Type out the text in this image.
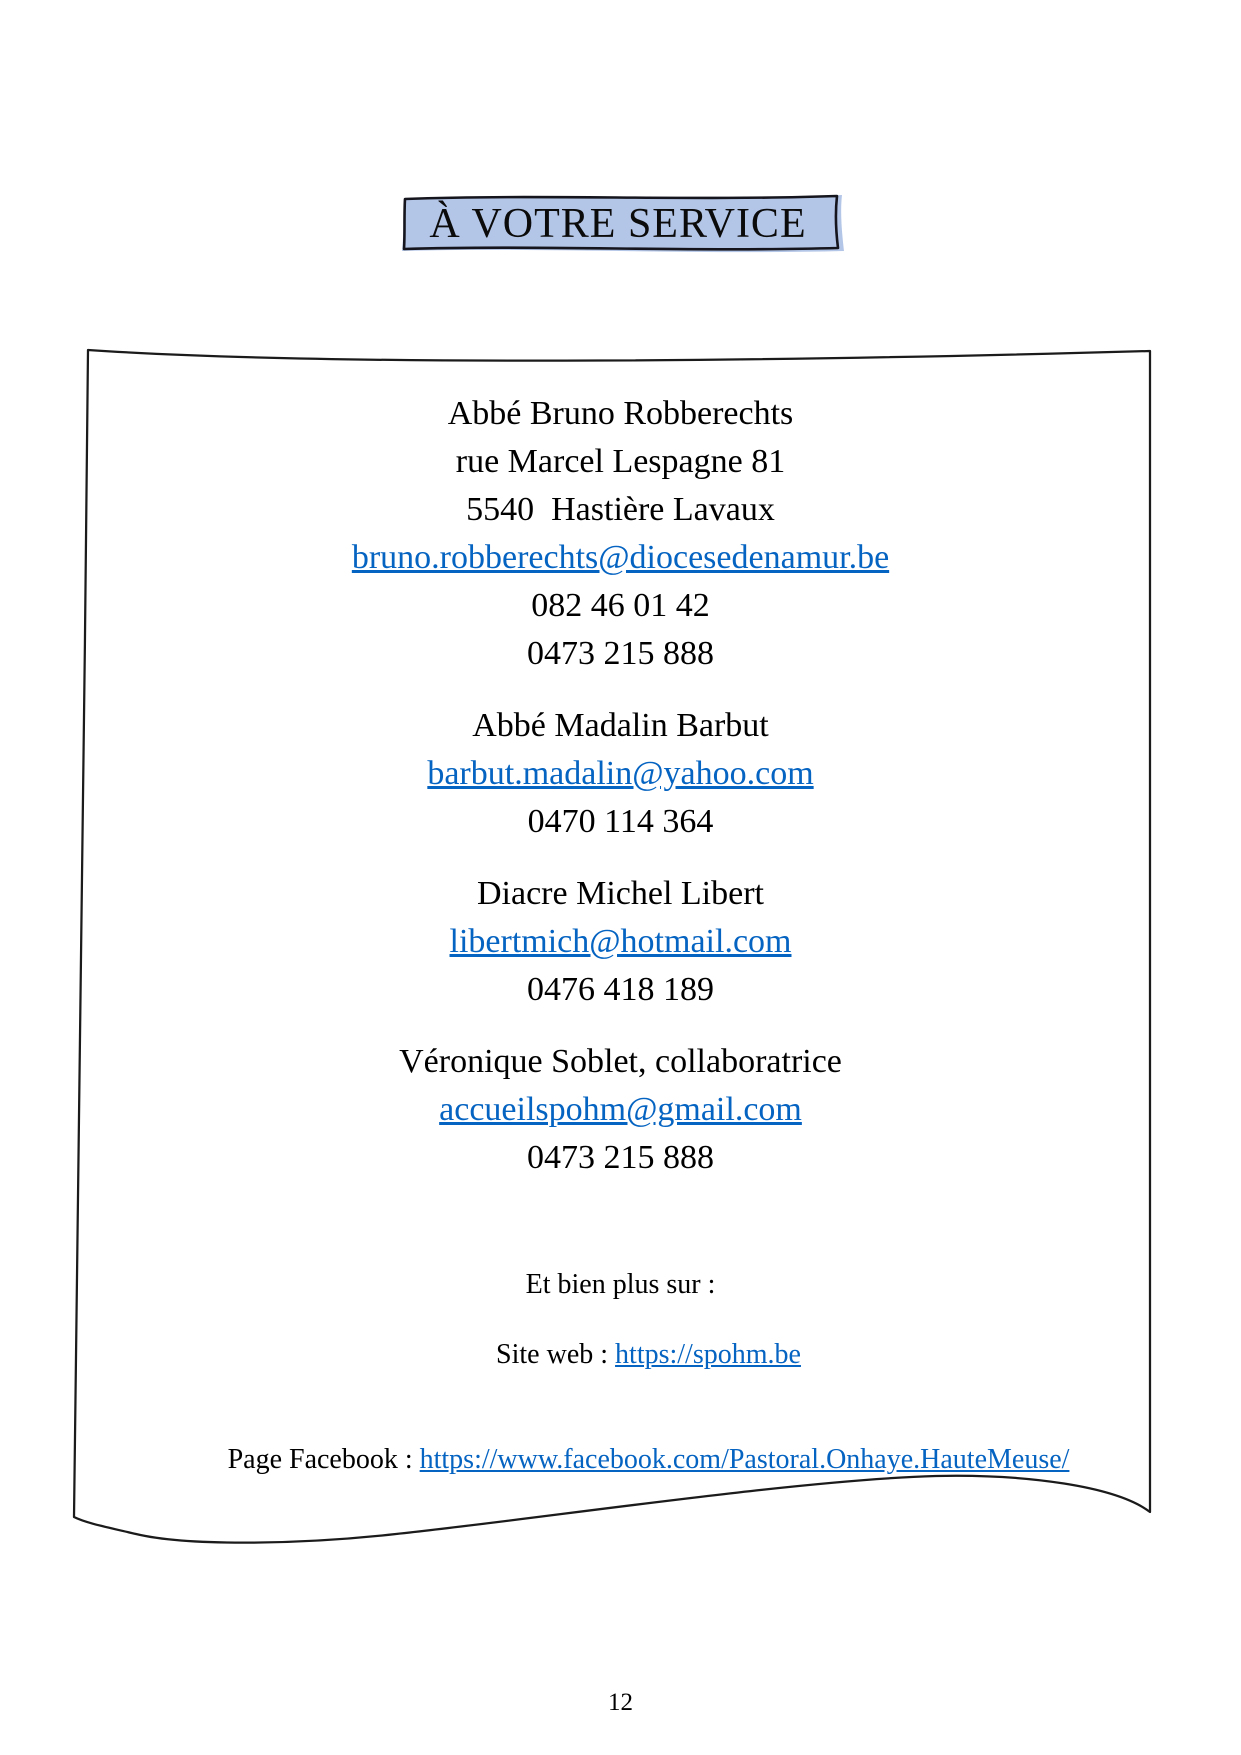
À VOTRE SERVICE
Abbé Bruno Robberechts
rue Marcel Lespagne 81
5540  Hastière Lavaux
bruno.robberechts@diocesedenamur.be
082 46 01 42
0473 215 888
Abbé Madalin Barbut
barbut.madalin@yahoo.com
0470 114 364
Diacre Michel Libert
libertmich@hotmail.com
0476 418 189
Véronique Soblet, collaboratrice
accueilspohm@gmail.com
0473 215 888
Et bien plus sur :

Site web : https://spohm.be

Page Facebook : https://www.facebook.com/Pastoral.Onhaye.HauteMeuse/

12
